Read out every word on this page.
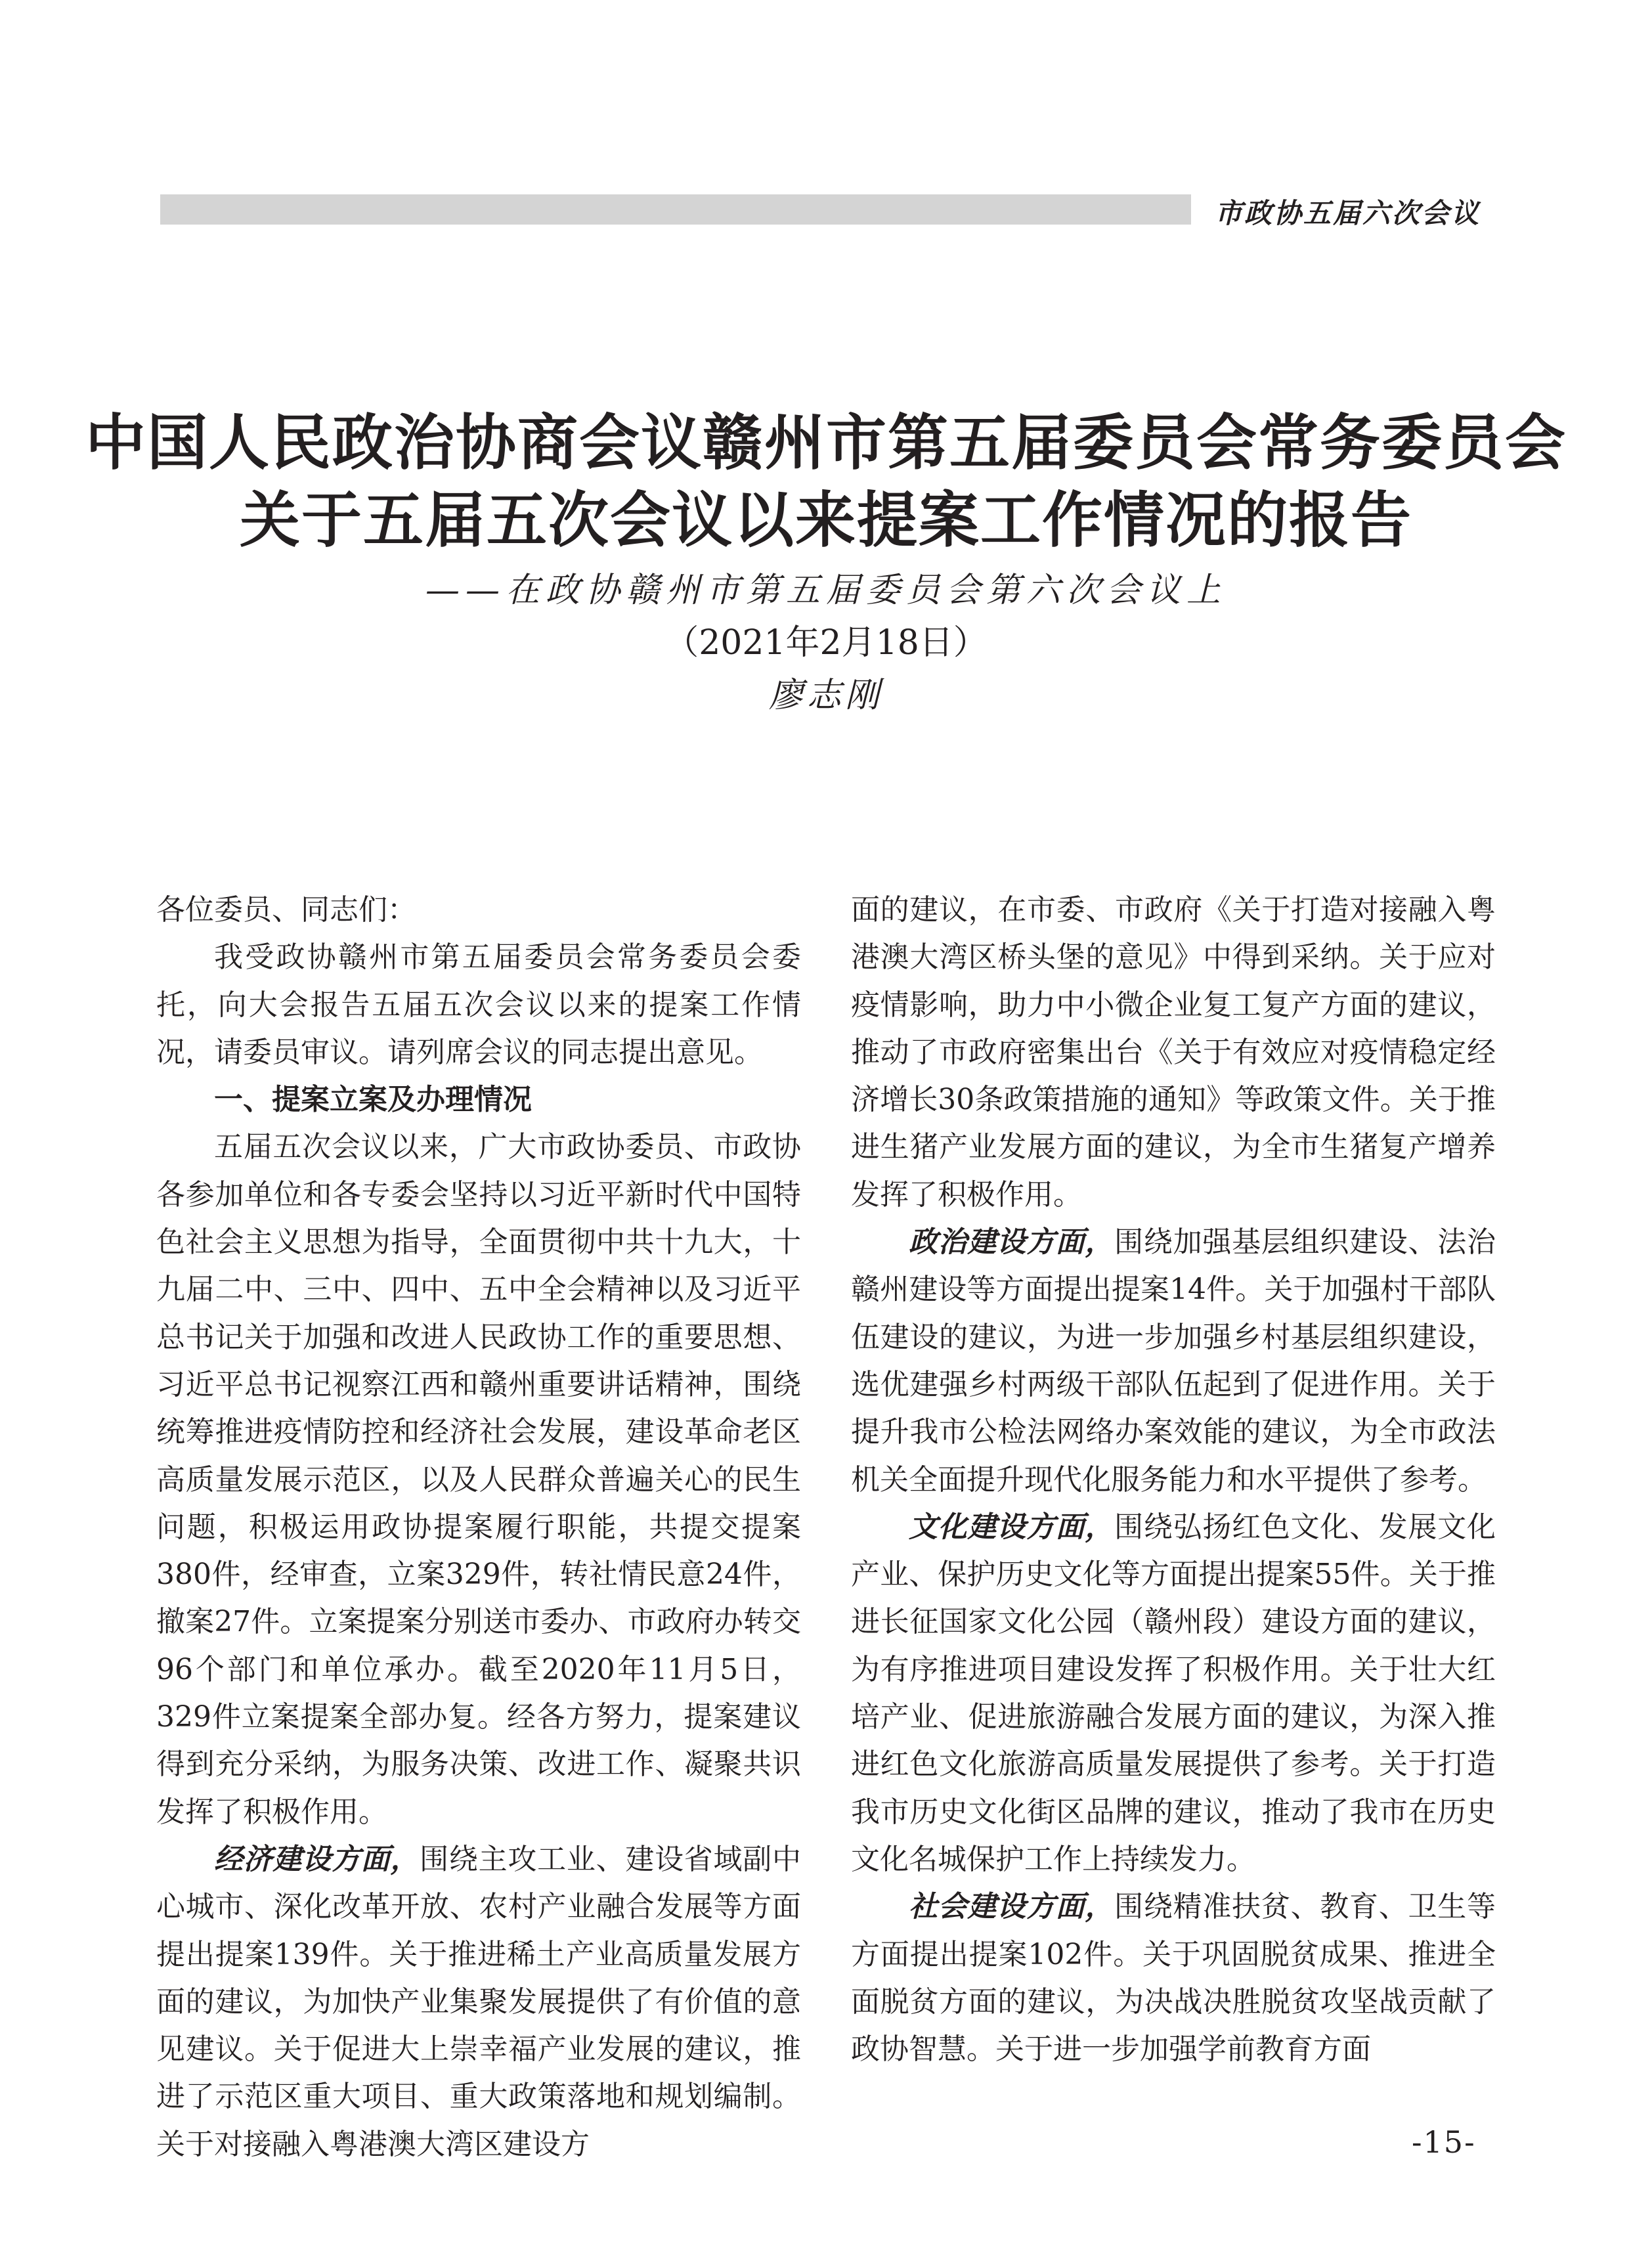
市政协五届六次会议
中国人民政治协商会议赣州市第五届委员会常务委员会
关于五届五次会议以来提案工作情况的报告
——在政协赣州市第五届委员会第六次会议上
（2021年2月18日）
廖志刚

各位委员、同志们：

我受政协赣州市第五届委员会常务委员会委托，向大会报告五届五次会议以来的提案工作情况，请委员审议。请列席会议的同志提出意见。

一、提案立案及办理情况

五届五次会议以来，广大市政协委员、市政协各参加单位和各专委会坚持以习近平新时代中国特色社会主义思想为指导，全面贯彻中共十九大，十九届二中、三中、四中、五中全会精神以及习近平总书记关于加强和改进人民政协工作的重要思想、习近平总书记视察江西和赣州重要讲话精神，围绕统筹推进疫情防控和经济社会发展，建设革命老区高质量发展示范区，以及人民群众普遍关心的民生问题，积极运用政协提案履行职能，共提交提案380件，经审查，立案329件，转社情民意24件，撤案27件。立案提案分别送市委办、市政府办转交96个部门和单位承办。截至2020年11月5日，329件立案提案全部办复。经各方努力，提案建议得到充分采纳，为服务决策、改进工作、凝聚共识发挥了积极作用。

经济建设方面，围绕主攻工业、建设省域副中心城市、深化改革开放、农村产业融合发展等方面提出提案139件。关于推进稀土产业高质量发展方面的建议，为加快产业集聚发展提供了有价值的意见建议。关于促进大上崇幸福产业发展的建议，推进了示范区重大项目、重大政策落地和规划编制。关于对接融入粤港澳大湾区建设方

面的建议，在市委、市政府《关于打造对接融入粤港澳大湾区桥头堡的意见》中得到采纳。关于应对疫情影响，助力中小微企业复工复产方面的建议，推动了市政府密集出台《关于有效应对疫情稳定经济增长30条政策措施的通知》等政策文件。关于推进生猪产业发展方面的建议，为全市生猪复产增养发挥了积极作用。

政治建设方面，围绕加强基层组织建设、法治赣州建设等方面提出提案14件。关于加强村干部队伍建设的建议，为进一步加强乡村基层组织建设，选优建强乡村两级干部队伍起到了促进作用。关于提升我市公检法网络办案效能的建议，为全市政法机关全面提升现代化服务能力和水平提供了参考。

文化建设方面，围绕弘扬红色文化、发展文化产业、保护历史文化等方面提出提案55件。关于推进长征国家文化公园（赣州段）建设方面的建议，为有序推进项目建设发挥了积极作用。关于壮大红培产业、促进旅游融合发展方面的建议，为深入推进红色文化旅游高质量发展提供了参考。关于打造我市历史文化街区品牌的建议，推动了我市在历史文化名城保护工作上持续发力。

社会建设方面，围绕精准扶贫、教育、卫生等方面提出提案102件。关于巩固脱贫成果、推进全面脱贫方面的建议，为决战决胜脱贫攻坚战贡献了政协智慧。关于进一步加强学前教育方面

-15-
